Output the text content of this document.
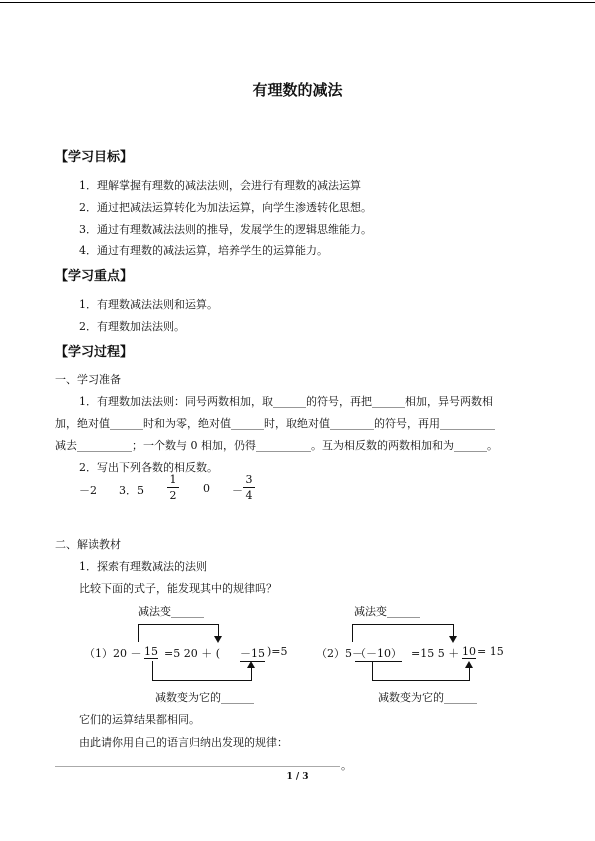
有理数的减法
【学习目标】
1．理解掌握有理数的减法法则，会进行有理数的减法运算
2．通过把减法运算转化为加法运算，向学生渗透转化思想。
3．通过有理数减法法则的推导，发展学生的逻辑思维能力。
4．通过有理数的减法运算，培养学生的运算能力。
【学习重点】
1．有理数减法法则和运算。
2．有理数加法法则。
【学习过程】
一、学习准备
1．有理数加法法则：同号两数相加，取______的符号，再把______相加，异号两数相
加，绝对值______时和为零，绝对值______时，取绝对值________的符号，再用__________
减去__________；一个数与 0 相加，仍得__________。互为相反数的两数相加和为______。
2．写出下列各数的相反数。
－2 3．5
1
2
0 －
3
4
二、解读教材
1．探索有理数减法的法则
比较下面的式子，能发现其中的规律吗？
减法变______
（1）20 － 15 =5 20 ＋ ( －15 )=5
减数变为它的______
减法变______
（2）5－
（－10） =15 5 ＋ 10 = 15
减数变为它的______
它们的运算结果都相同。
由此请你用自己的语言归纳出发现的规律：
。
1 / 3
